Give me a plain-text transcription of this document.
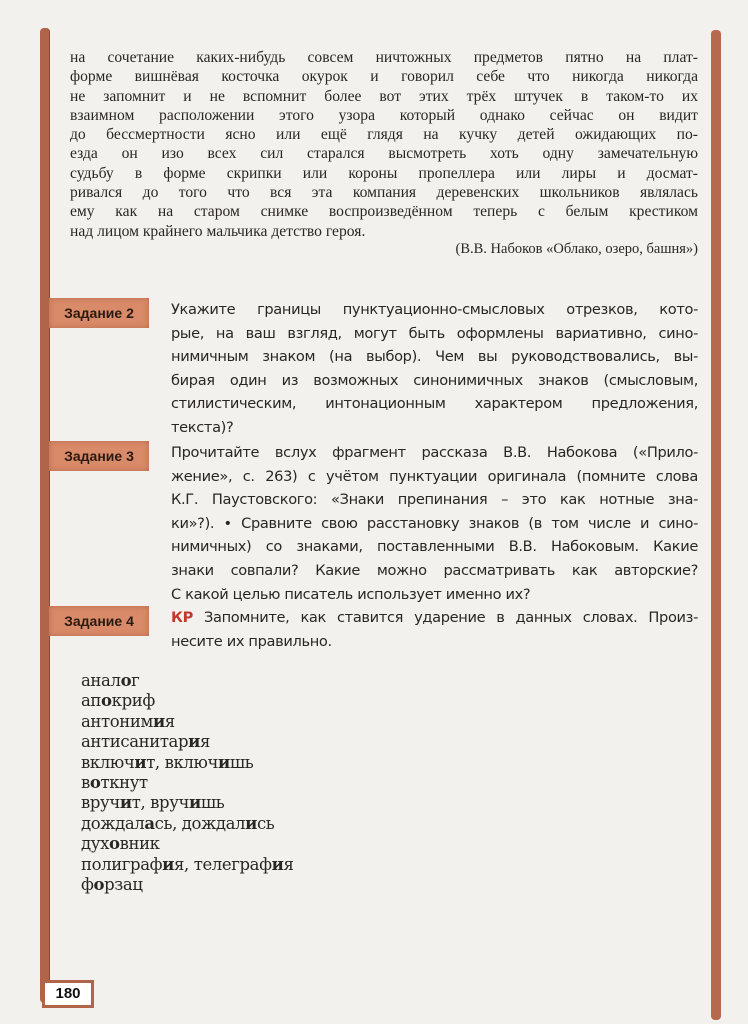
на сочетание каких-нибудь совсем ничтожных предметов пятно на плат-
форме вишнёвая косточка окурок и говорил себе что никогда никогда
не запомнит и не вспомнит более вот этих трёх штучек в таком-то их
взаимном расположении этого узора который однако сейчас он видит
до бессмертности ясно или ещё глядя на кучку детей ожидающих по-
езда он изо всех сил старался высмотреть хоть одну замечательную
судьбу в форме скрипки или короны пропеллера или лиры и досмат-
ривался до того что вся эта компания деревенских школьников являлась
ему как на старом снимке воспроизведённом теперь с белым крестиком
над лицом крайнего мальчика детство героя.
(В.В. Набоков «Облако, озеро, башня»)
Задание 2	Укажите границы пунктуационно-смысловых отрезков, кото-
рые, на ваш взгляд, могут быть оформлены вариативно, сино-
нимичным знаком (на выбор). Чем вы руководствовались, вы-
бирая один из возможных синонимичных знаков (смысловым,
стилистическим, интонационным характером предложения,
текста)?
Задание 3	Прочитайте вслух фрагмент рассказа В.В. Набокова («Прило-
жение», с. 263) с учётом пунктуации оригинала (помните слова
К.Г. Паустовского: «Знаки препинания – это как нотные зна-
ки»?). • Сравните свою расстановку знаков (в том числе и сино-
нимичных) со знаками, поставленными В.В. Набоковым. Какие
знаки совпали? Какие можно рассматривать как авторские?
С какой целью писатель использует именно их?
Задание 4	КР Запомните, как ставится ударение в данных словах. Произ-
несите их правильно.
аналог
апокриф
антонимия
антисанитария
включит, включишь
воткнут
вручит, вручишь
дождалась, дождались
духовник
полиграфия, телеграфия
форзац
180
